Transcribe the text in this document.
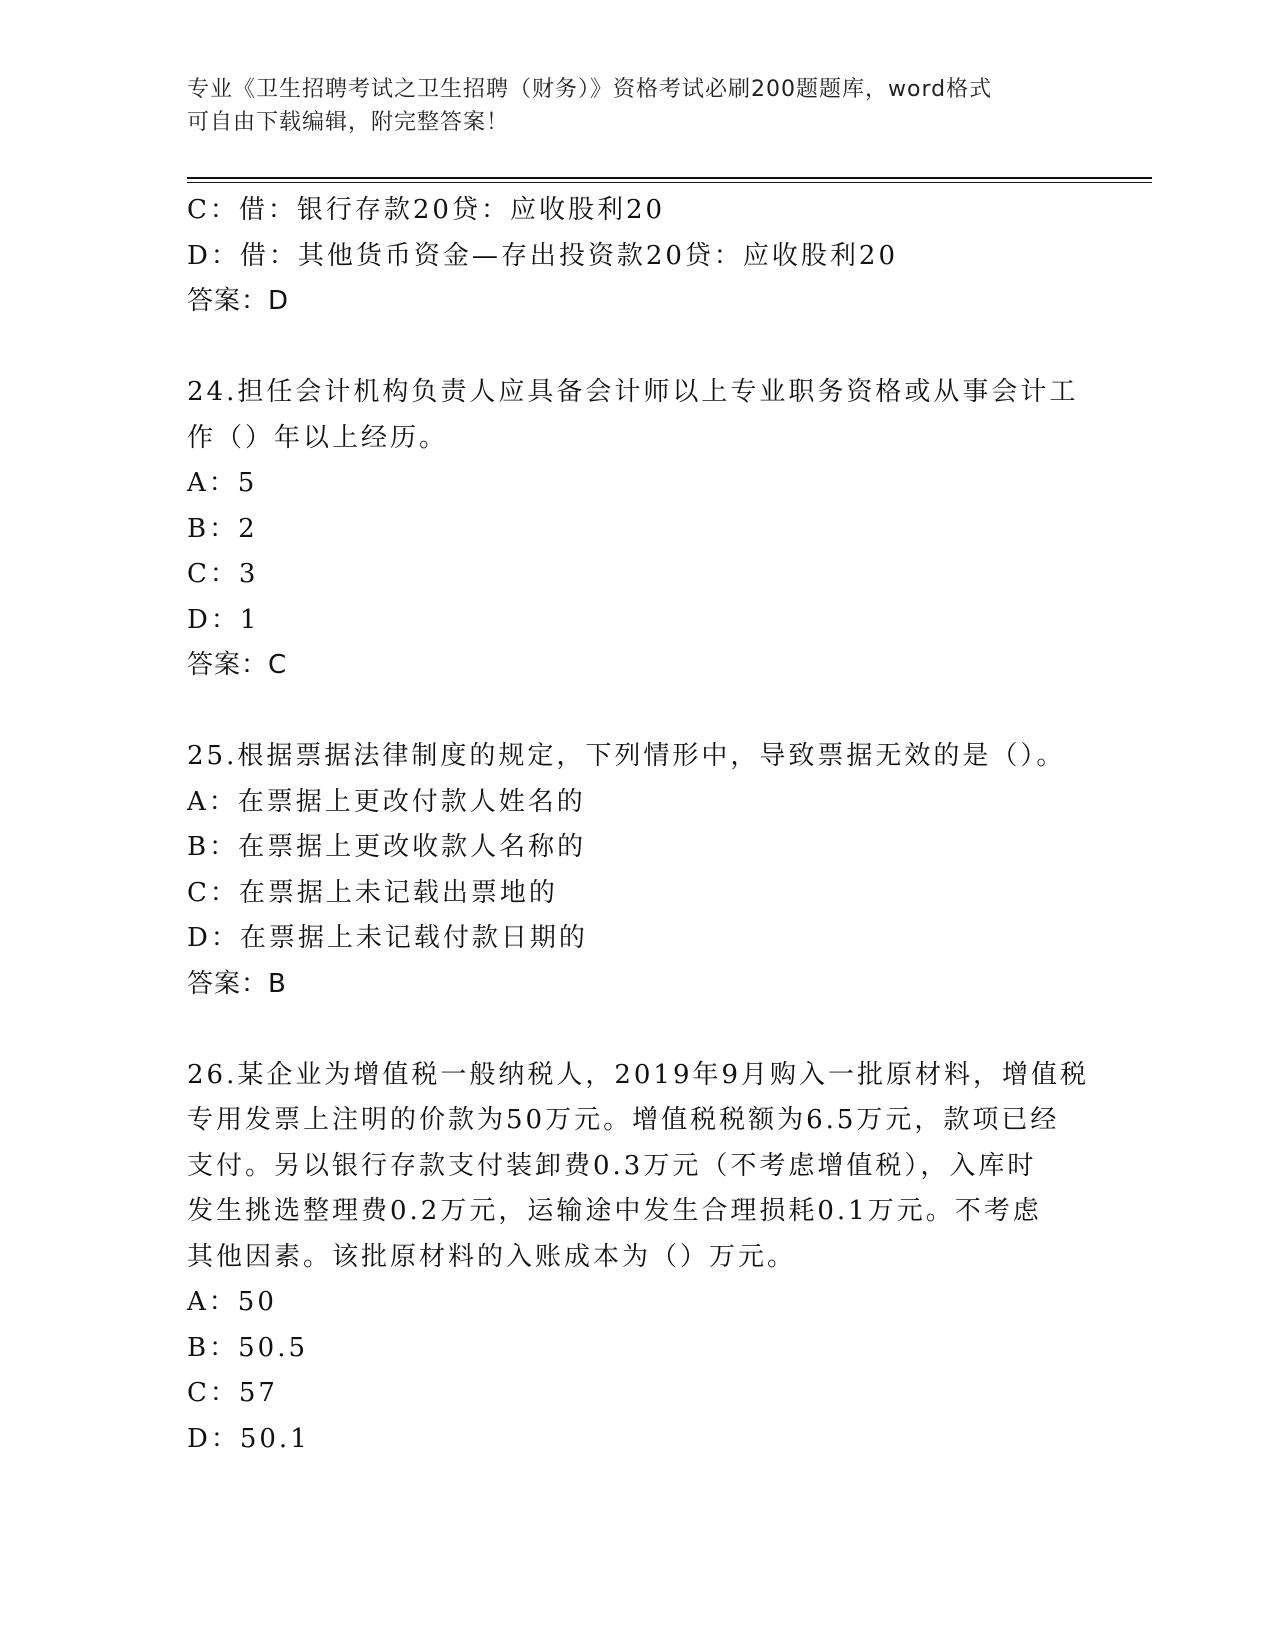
专业《卫生招聘考试之卫生招聘（财务）》资格考试必刷200题题库，word格式
可自由下载编辑，附完整答案！
C：借：银行存款20贷：应收股利20
D：借：其他货币资金—存出投资款20贷：应收股利20
答案：D
24.担任会计机构负责人应具备会计师以上专业职务资格或从事会计工
作（）年以上经历。
A：5
B：2
C：3
D：1
答案：C
25.根据票据法律制度的规定，下列情形中，导致票据无效的是（）。
A：在票据上更改付款人姓名的
B：在票据上更改收款人名称的
C：在票据上未记载出票地的
D：在票据上未记载付款日期的
答案：B
26.某企业为增值税一般纳税人，2019年9月购入一批原材料，增值税
专用发票上注明的价款为50万元。增值税税额为6.5万元，款项已经
支付。另以银行存款支付装卸费0.3万元（不考虑增值税），入库时
发生挑选整理费0.2万元，运输途中发生合理损耗0.1万元。不考虑
其他因素。该批原材料的入账成本为（）万元。
A：50
B：50.5
C：57
D：50.1
